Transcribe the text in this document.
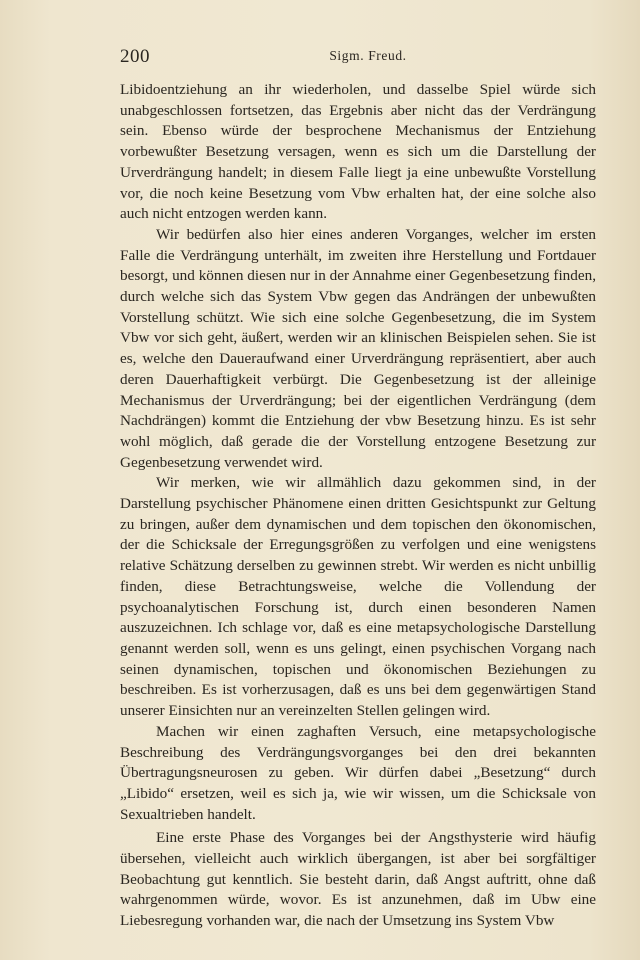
200	Sigm. Freud.

Libidoentziehung an ihr wiederholen, und dasselbe Spiel würde sich unabgeschlossen fortsetzen, das Ergebnis aber nicht das der Verdrängung sein. Ebenso würde der besprochene Mechanismus der Entziehung vorbewußter Besetzung versagen, wenn es sich um die Darstellung der Urverdrängung handelt; in diesem Falle liegt ja eine unbewußte Vorstellung vor, die noch keine Besetzung vom Vbw erhalten hat, der eine solche also auch nicht entzogen werden kann.

Wir bedürfen also hier eines anderen Vorganges, welcher im ersten Falle die Verdrängung unterhält, im zweiten ihre Herstellung und Fortdauer besorgt, und können diesen nur in der Annahme einer Gegenbesetzung finden, durch welche sich das System Vbw gegen das Andrängen der unbewußten Vorstellung schützt. Wie sich eine solche Gegenbesetzung, die im System Vbw vor sich geht, äußert, werden wir an klinischen Beispielen sehen. Sie ist es, welche den Daueraufwand einer Urverdrängung repräsentiert, aber auch deren Dauerhaftigkeit verbürgt. Die Gegenbesetzung ist der alleinige Mechanismus der Urverdrängung; bei der eigentlichen Verdrängung (dem Nachdrängen) kommt die Entziehung der vbw Besetzung hinzu. Es ist sehr wohl möglich, daß gerade die der Vorstellung entzogene Besetzung zur Gegenbesetzung verwendet wird.

Wir merken, wie wir allmählich dazu gekommen sind, in der Darstellung psychischer Phänomene einen dritten Gesichtspunkt zur Geltung zu bringen, außer dem dynamischen und dem topischen den ökonomischen, der die Schicksale der Erregungsgrößen zu verfolgen und eine wenigstens relative Schätzung derselben zu gewinnen strebt. Wir werden es nicht unbillig finden, diese Betrachtungsweise, welche die Vollendung der psychoanalytischen Forschung ist, durch einen besonderen Namen auszuzeichnen. Ich schlage vor, daß es eine metapsychologische Darstellung genannt werden soll, wenn es uns gelingt, einen psychischen Vorgang nach seinen dynamischen, topischen und ökonomischen Beziehungen zu beschreiben. Es ist vorherzusagen, daß es uns bei dem gegenwärtigen Stand unserer Einsichten nur an vereinzelten Stellen gelingen wird.

Machen wir einen zaghaften Versuch, eine metapsychologische Beschreibung des Verdrängungsvorganges bei den drei bekannten Übertragungsneurosen zu geben. Wir dürfen dabei „Besetzung“ durch „Libido“ ersetzen, weil es sich ja, wie wir wissen, um die Schicksale von Sexualtrieben handelt.

Eine erste Phase des Vorganges bei der Angsthysterie wird häufig übersehen, vielleicht auch wirklich übergangen, ist aber bei sorgfältiger Beobachtung gut kenntlich. Sie besteht darin, daß Angst auftritt, ohne daß wahrgenommen würde, wovor. Es ist anzunehmen, daß im Ubw eine Liebesregung vorhanden war, die nach der Umsetzung ins System Vbw
